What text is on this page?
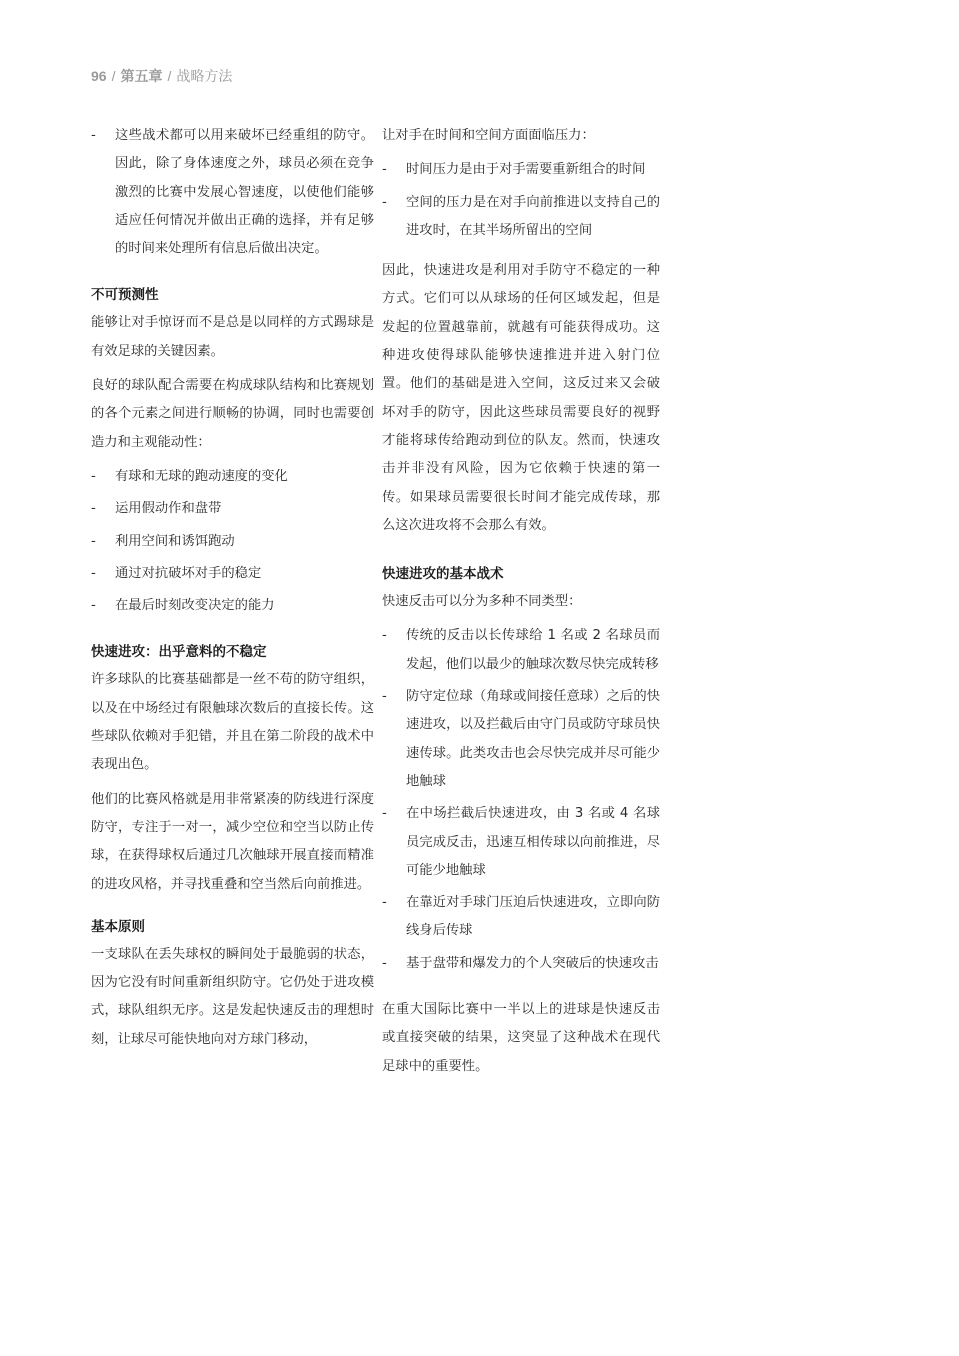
96 / 第五章 / 战略方法
- 这些战术都可以用来破坏已经重组的防守。因此，除了身体速度之外，球员必须在竞争激烈的比赛中发展心智速度，以使他们能够适应任何情况并做出正确的选择，并有足够的时间来处理所有信息后做出决定。
不可预测性

能够让对手惊讶而不是总是以同样的方式踢球是有效足球的关键因素。

良好的球队配合需要在构成球队结构和比赛规划的各个元素之间进行顺畅的协调，同时也需要创造力和主观能动性：

- 有球和无球的跑动速度的变化
- 运用假动作和盘带
- 利用空间和诱饵跑动
- 通过对抗破坏对手的稳定
- 在最后时刻改变决定的能力
快速进攻：出乎意料的不稳定

许多球队的比赛基础都是一丝不苟的防守组织，以及在中场经过有限触球次数后的直接长传。这些球队依赖对手犯错，并且在第二阶段的战术中表现出色。

他们的比赛风格就是用非常紧凑的防线进行深度防守，专注于一对一，减少空位和空当以防止传球，在获得球权后通过几次触球开展直接而精准的进攻风格，并寻找重叠和空当然后向前推进。

基本原则

一支球队在丢失球权的瞬间处于最脆弱的状态，因为它没有时间重新组织防守。它仍处于进攻模式，球队组织无序。这是发起快速反击的理想时刻，让球尽可能快地向对方球门移动，

让对手在时间和空间方面面临压力：

- 时间压力是由于对手需要重新组合的时间
- 空间的压力是在对手向前推进以支持自己的进攻时，在其半场所留出的空间

因此，快速进攻是利用对手防守不稳定的一种方式。它们可以从球场的任何区域发起，但是发起的位置越靠前，就越有可能获得成功。这种进攻使得球队能够快速推进并进入射门位置。他们的基础是进入空间，这反过来又会破坏对手的防守，因此这些球员需要良好的视野才能将球传给跑动到位的队友。然而，快速攻击并非没有风险，因为它依赖于快速的第一传。如果球员需要很长时间才能完成传球，那么这次进攻将不会那么有效。

快速进攻的基本战术

快速反击可以分为多种不同类型：

- 传统的反击以长传球给 1 名或 2 名球员而发起，他们以最少的触球次数尽快完成转移
- 防守定位球（角球或间接任意球）之后的快速进攻，以及拦截后由守门员或防守球员快速传球。此类攻击也会尽快完成并尽可能少地触球
- 在中场拦截后快速进攻，由 3 名或 4 名球员完成反击，迅速互相传球以向前推进，尽可能少地触球
- 在靠近对手球门压迫后快速进攻，立即向防线身后传球
- 基于盘带和爆发力的个人突破后的快速攻击

在重大国际比赛中一半以上的进球是快速反击或直接突破的结果，这突显了这种战术在现代足球中的重要性。
